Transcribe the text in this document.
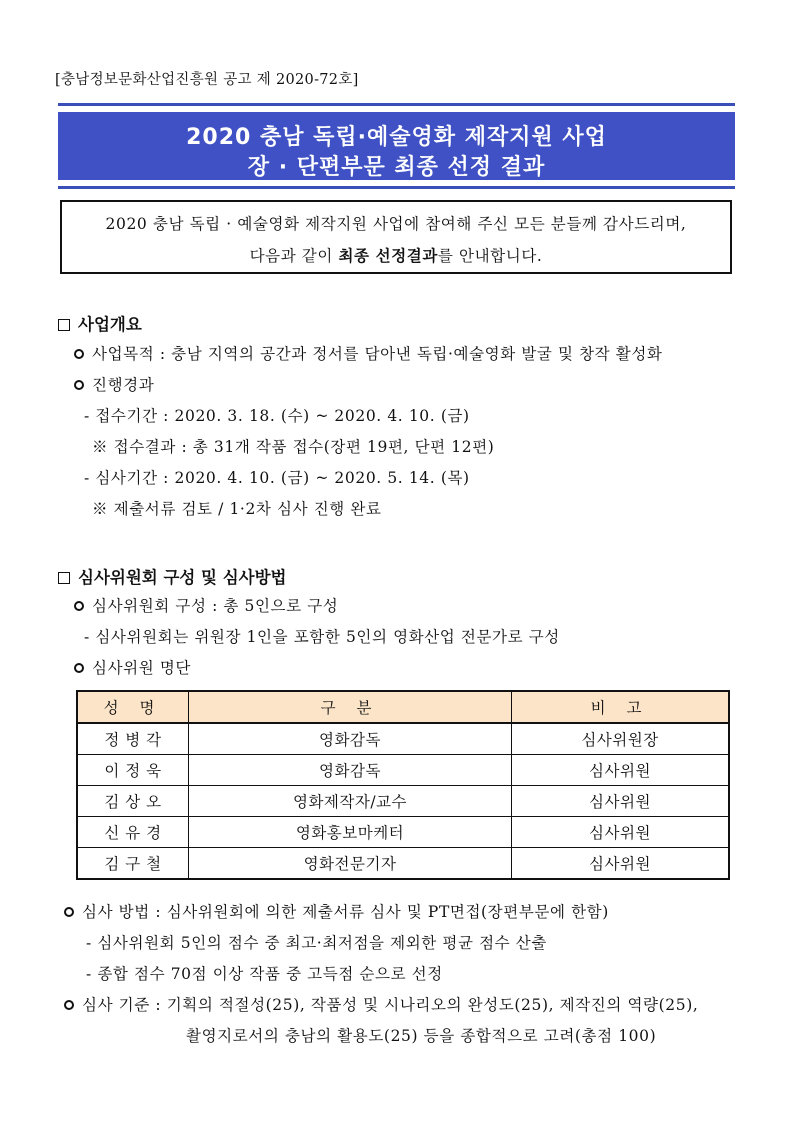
[충남정보문화산업진흥원 공고 제 2020-72호]
2020 충남 독립·예술영화 제작지원 사업
장 · 단편부문 최종 선정 결과
2020 충남 독립 · 예술영화 제작지원 사업에 참여해 주신 모든 분들께 감사드리며,
다음과 같이 최종 선정결과를 안내합니다.
사업개요
사업목적 : 충남 지역의 공간과 정서를 담아낸 독립·예술영화 발굴 및 창작 활성화
진행경과
- 접수기간 : 2020. 3. 18. (수) ~ 2020. 4. 10. (금)
※ 접수결과 : 총 31개 작품 접수(장편 19편, 단편 12편)
- 심사기간 : 2020. 4. 10. (금) ~ 2020. 5. 14. (목)
※ 제출서류 검토 / 1·2차 심사 진행 완료
심사위원회 구성 및 심사방법
심사위원회 구성 : 총 5인으로 구성
- 심사위원회는 위원장 1인을 포함한 5인의 영화산업 전문가로 구성
심사위원 명단
성 명	구 분	비 고
정 병 각	영화감독	심사위원장
이 정 욱	영화감독	심사위원
김 상 오	영화제작자/교수	심사위원
신 유 경	영화홍보마케터	심사위원
김 구 철	영화전문기자	심사위원
심사 방법 : 심사위원회에 의한 제출서류 심사 및 PT면접(장편부문에 한함)
- 심사위원회 5인의 점수 중 최고·최저점을 제외한 평균 점수 산출
- 종합 점수 70점 이상 작품 중 고득점 순으로 선정
심사 기준 : 기획의 적절성(25), 작품성 및 시나리오의 완성도(25), 제작진의 역량(25),
촬영지로서의 충남의 활용도(25) 등을 종합적으로 고려(총점 100)
